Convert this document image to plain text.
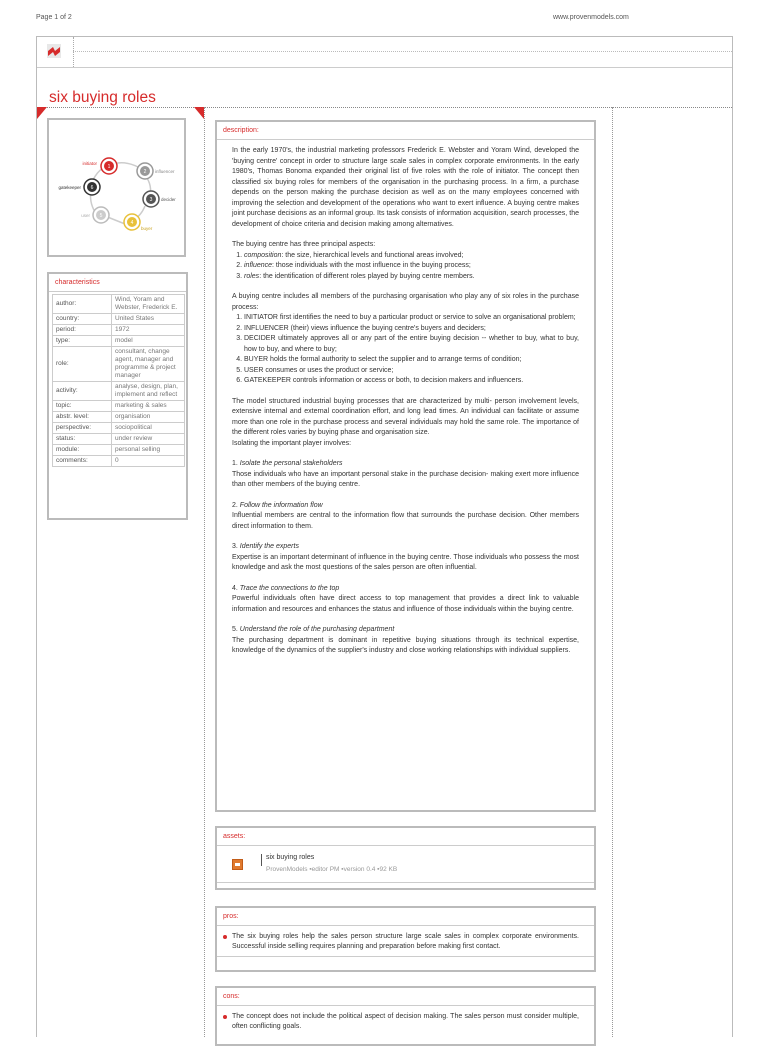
Page 1 of 2	www.provenmodels.com
six buying roles
1
initiator
2 influencer
6
gatekeeper
3 decider
5
user
4
buyer
characteristics
author:	Wind, Yoram and Webster, Frederick E.
country:	United States
period:	1972
type:	model
role:	consultant, change agent, manager and programme & project manager
activity:	analyse, design, plan, implement and reflect
topic:	marketing & sales
abstr. level:	organisation
perspective:	sociopolitical
status:	under review
module:	personal selling
comments:	0
description:

In the early 1970's, the industrial marketing professors Frederick E. Webster and Yoram Wind, developed the 'buying centre' concept in order to structure large scale sales in complex corporate environments. In the early 1980's, Thomas Bonoma expanded their original list of five roles with the role of initiator. The concept then classified six buying roles for members of the organisation in the purchasing process. In a firm, a purchase depends on the person making the purchase decision as well as on the many employees concerned with improving the selection and development of the operations who want to exert influence. A buying centre makes joint purchase decisions as an informal group. Its task consists of information acquisition, search processes, the development of choice criteria and decision making among alternatives.

The buying centre has three principal aspects:

1. composition: the size, hierarchical levels and functional areas involved;
2. influence: those individuals with the most influence in the buying process;
3. roles: the identification of different roles played by buying centre members.

A buying centre includes all members of the purchasing organisation who play any of six roles in the purchase process:

1. INITIATOR first identifies the need to buy a particular product or service to solve an organisational problem;
2. INFLUENCER (their) views influence the buying centre's buyers and deciders;
3. DECIDER ultimately approves all or any part of the entire buying decision -- whether to buy, what to buy, how to buy, and where to buy;
4. BUYER holds the formal authority to select the supplier and to arrange terms of condition;
5. USER consumes or uses the product or service;
6. GATEKEEPER controls information or access or both, to decision makers and influencers.

The model structured industrial buying processes that are characterized by multi- person involvement levels, extensive internal and external coordination effort, and long lead times. An individual can facilitate or assume more than one role in the purchase process and several individuals may hold the same role. The importance of the different roles varies by buying phase and organisation size.

Isolating the important player involves:

1. Isolate the personal stakeholders
Those individuals who have an important personal stake in the purchase decision- making exert more influence than other members of the buying centre.
2. Follow the information flow
Influential members are central to the information flow that surrounds the purchase decision. Other members direct information to them.
3. Identify the experts
Expertise is an important determinant of influence in the buying centre. Those individuals who possess the most knowledge and ask the most questions of the sales person are often influential.
4. Trace the connections to the top
Powerful individuals often have direct access to top management that provides a direct link to valuable information and resources and enhances the status and influence of those individuals within the buying centre.
5. Understand the role of the purchasing department
The purchasing department is dominant in repetitive buying situations through its technical expertise, knowledge of the dynamics of the supplier's industry and close working relationships with individual suppliers.
assets:
six buying roles
ProvenModels ▪editor PM ▪version 0.4 ▪92 KB
pros:
The six buying roles help the sales person structure large scale sales in complex corporate environments. Successful inside selling requires planning and preparation before making first contact.
cons:
The concept does not include the political aspect of decision making. The sales person must consider multiple, often conflicting goals.
